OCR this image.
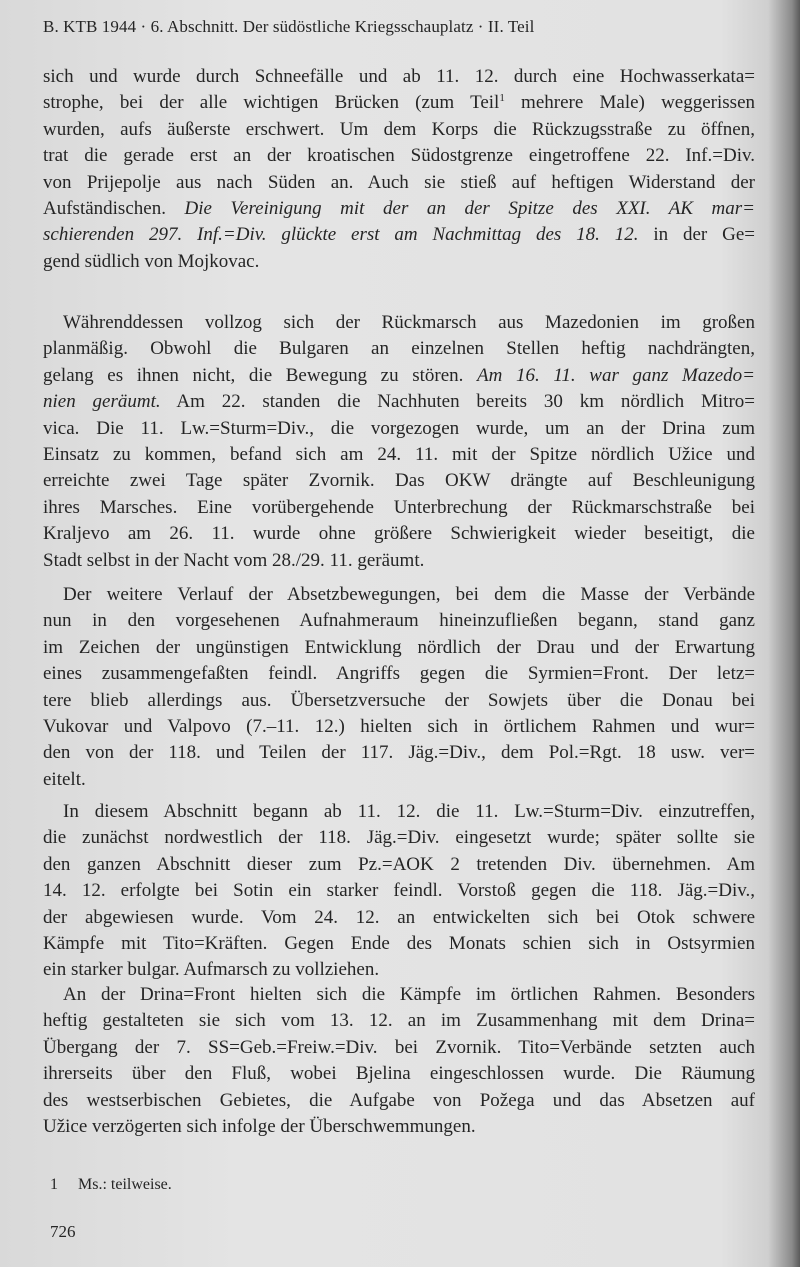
B. KTB 1944 · 6. Abschnitt. Der südöstliche Kriegsschauplatz · II. Teil
sich und wurde durch Schneefälle und ab 11. 12. durch eine Hochwasserkata=
strophe, bei der alle wichtigen Brücken (zum Teil$^1$ mehrere Male) weggerissen
wurden, aufs äußerste erschwert. Um dem Korps die Rückzugsstraße zu öffnen,
trat die gerade erst an der kroatischen Südostgrenze eingetroffene 22. Inf.=Div.
von Prijepolje aus nach Süden an. Auch sie stieß auf heftigen Widerstand der
Aufständischen. Die Vereinigung mit der an der Spitze des XXI. AK mar=
schierenden 297. Inf.=Div. glückte erst am Nachmittag des 18. 12. in der Ge=
gend südlich von Mojkovac.
Währenddessen vollzog sich der Rückmarsch aus Mazedonien im großen
planmäßig. Obwohl die Bulgaren an einzelnen Stellen heftig nachdrängten,
gelang es ihnen nicht, die Bewegung zu stören. Am 16. 11. war ganz Mazedo=
nien geräumt. Am 22. standen die Nachhuten bereits 30 km nördlich Mitro=
vica. Die 11. Lw.=Sturm=Div., die vorgezogen wurde, um an der Drina zum
Einsatz zu kommen, befand sich am 24. 11. mit der Spitze nördlich Užice und
erreichte zwei Tage später Zvornik. Das OKW drängte auf Beschleunigung
ihres Marsches. Eine vorübergehende Unterbrechung der Rückmarschstraße bei
Kraljevo am 26. 11. wurde ohne größere Schwierigkeit wieder beseitigt, die
Stadt selbst in der Nacht vom 28./29. 11. geräumt.
Der weitere Verlauf der Absetzbewegungen, bei dem die Masse der Verbände
nun in den vorgesehenen Aufnahmeraum hineinzufließen begann, stand ganz
im Zeichen der ungünstigen Entwicklung nördlich der Drau und der Erwartung
eines zusammengefaßten feindl. Angriffs gegen die Syrmien=Front. Der letz=
tere blieb allerdings aus. Übersetzversuche der Sowjets über die Donau bei
Vukovar und Valpovo (7.–11. 12.) hielten sich in örtlichem Rahmen und wur=
den von der 118. und Teilen der 117. Jäg.=Div., dem Pol.=Rgt. 18 usw. ver=
eitelt.
In diesem Abschnitt begann ab 11. 12. die 11. Lw.=Sturm=Div. einzutreffen,
die zunächst nordwestlich der 118. Jäg.=Div. eingesetzt wurde; später sollte sie
den ganzen Abschnitt dieser zum Pz.=AOK 2 tretenden Div. übernehmen. Am
14. 12. erfolgte bei Sotin ein starker feindl. Vorstoß gegen die 118. Jäg.=Div.,
der abgewiesen wurde. Vom 24. 12. an entwickelten sich bei Otok schwere
Kämpfe mit Tito=Kräften. Gegen Ende des Monats schien sich in Ostsyrmien
ein starker bulgar. Aufmarsch zu vollziehen.
An der Drina=Front hielten sich die Kämpfe im örtlichen Rahmen. Besonders
heftig gestalteten sie sich vom 13. 12. an im Zusammenhang mit dem Drina=
Übergang der 7. SS=Geb.=Freiw.=Div. bei Zvornik. Tito=Verbände setzten auch
ihrerseits über den Fluß, wobei Bjelina eingeschlossen wurde. Die Räumung
des westserbischen Gebietes, die Aufgabe von Požega und das Absetzen auf
Užice verzögerten sich infolge der Überschwemmungen.
1 Ms.: teilweise.
726
